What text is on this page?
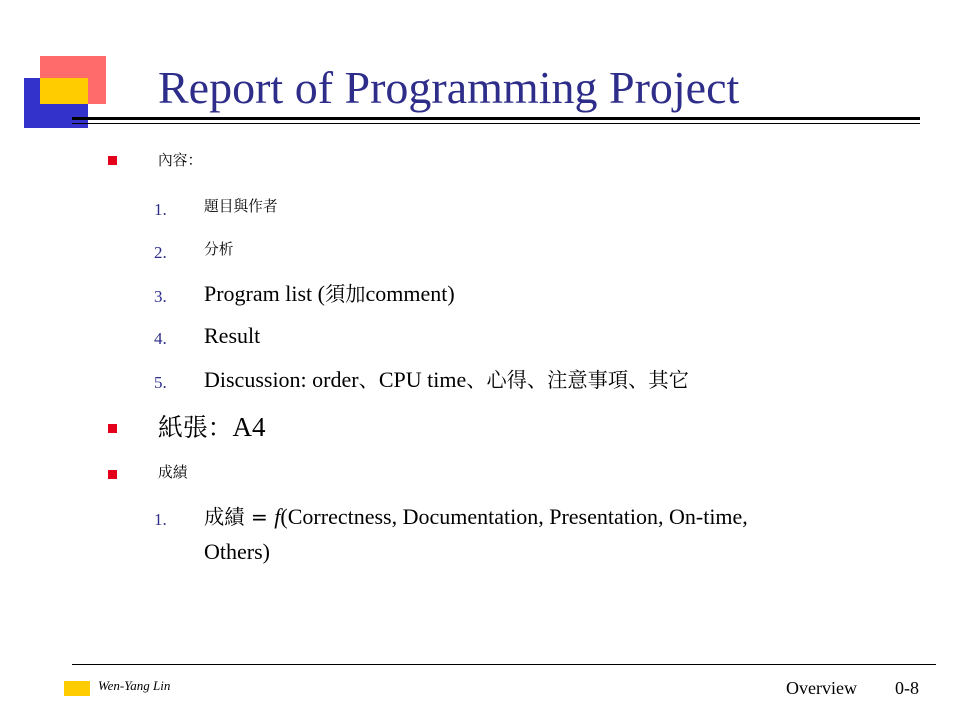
Report of Programming Project
內容：
1.	題目與作者
2.	分析
3.	Program list (須加comment)
4.	Result
5.	Discussion: order、CPU time、心得、注意事項、其它
紙張：A4
成績
1.	成績 = f(Correctness, Documentation, Presentation, On-time,
Others)
Wen-Yang Lin	Overview 0-8
